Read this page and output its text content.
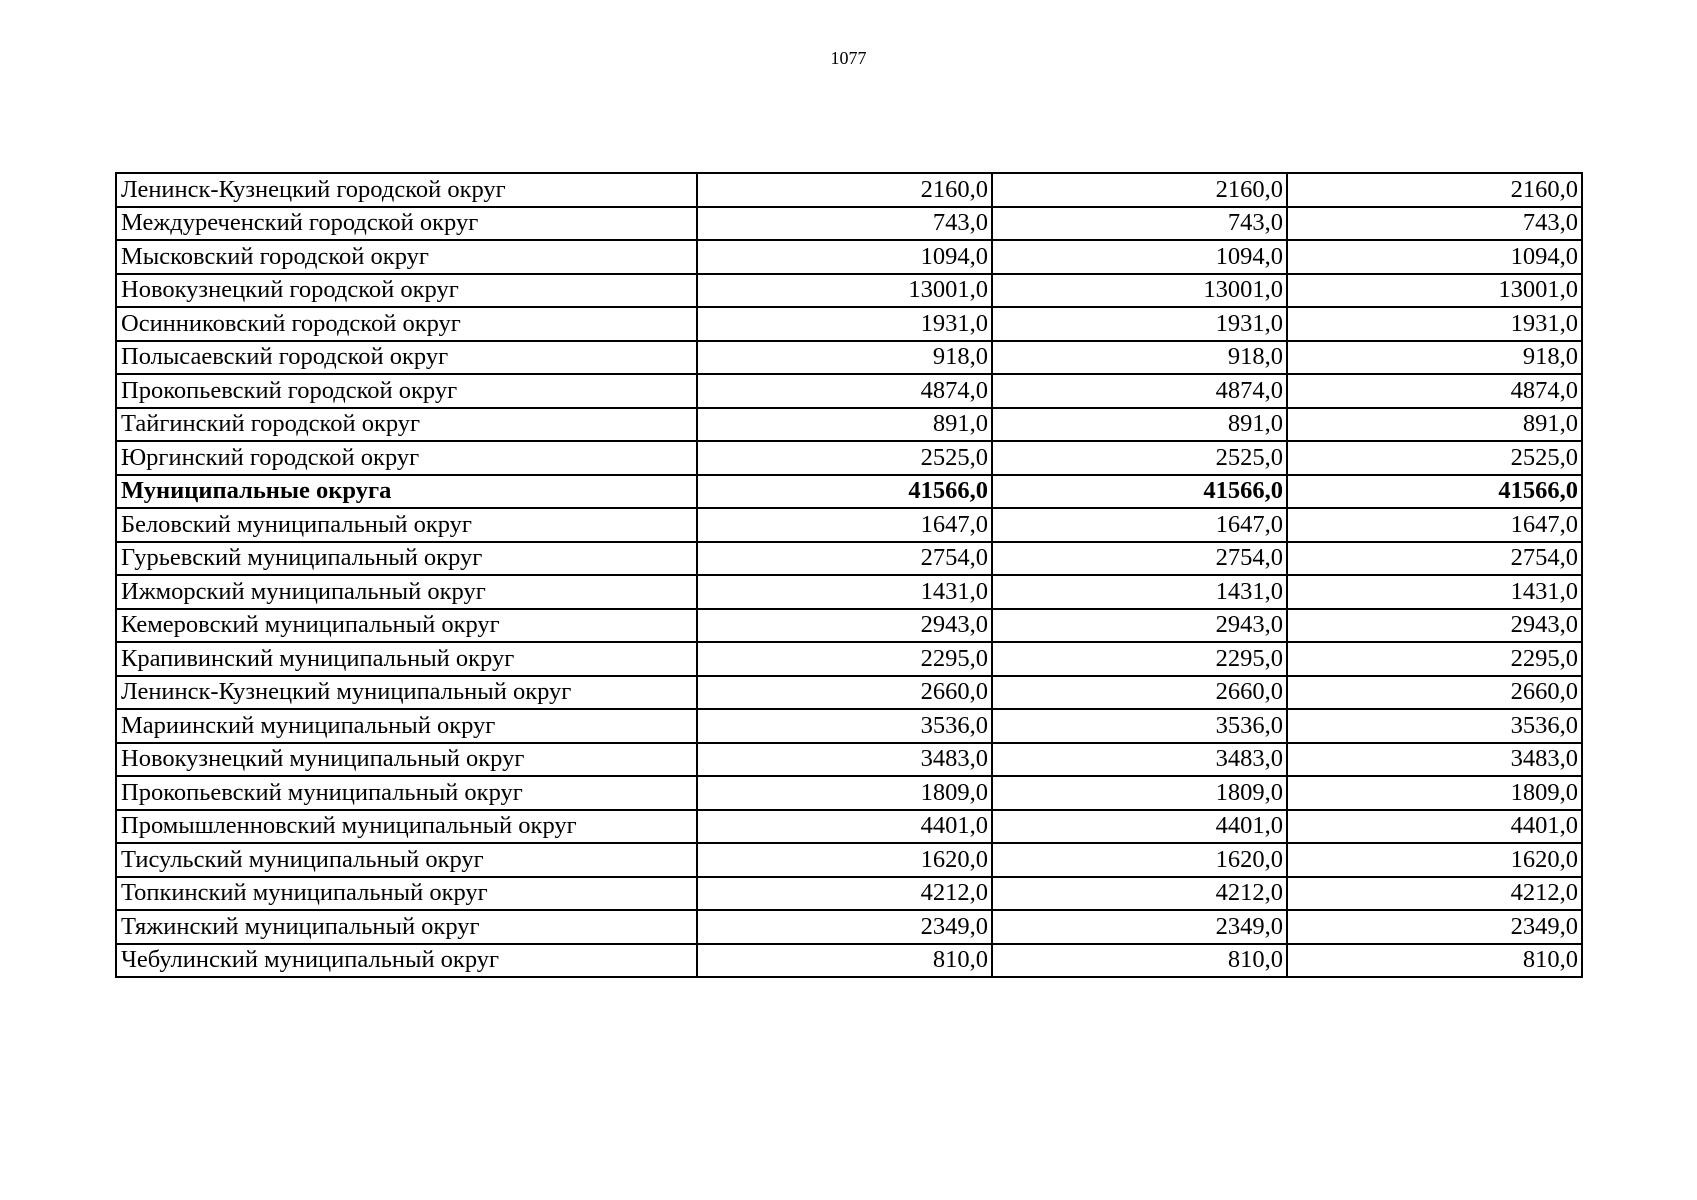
1077
Ленинск-Кузнецкий городской округ	2160,0	2160,0	2160,0
Междуреченский городской округ	743,0	743,0	743,0
Мысковский городской округ	1094,0	1094,0	1094,0
Новокузнецкий городской округ	13001,0	13001,0	13001,0
Осинниковский городской округ	1931,0	1931,0	1931,0
Полысаевский городской округ	918,0	918,0	918,0
Прокопьевский городской округ	4874,0	4874,0	4874,0
Тайгинский городской округ	891,0	891,0	891,0
Юргинский городской округ	2525,0	2525,0	2525,0
Муниципальные округа	41566,0	41566,0	41566,0
Беловский муниципальный округ	1647,0	1647,0	1647,0
Гурьевский муниципальный округ	2754,0	2754,0	2754,0
Ижморский муниципальный округ	1431,0	1431,0	1431,0
Кемеровский муниципальный округ	2943,0	2943,0	2943,0
Крапивинский муниципальный округ	2295,0	2295,0	2295,0
Ленинск-Кузнецкий муниципальный округ	2660,0	2660,0	2660,0
Мариинский муниципальный округ	3536,0	3536,0	3536,0
Новокузнецкий муниципальный округ	3483,0	3483,0	3483,0
Прокопьевский муниципальный округ	1809,0	1809,0	1809,0
Промышленновский муниципальный округ	4401,0	4401,0	4401,0
Тисульский муниципальный округ	1620,0	1620,0	1620,0
Топкинский муниципальный округ	4212,0	4212,0	4212,0
Тяжинский муниципальный округ	2349,0	2349,0	2349,0
Чебулинский муниципальный округ	810,0	810,0	810,0
